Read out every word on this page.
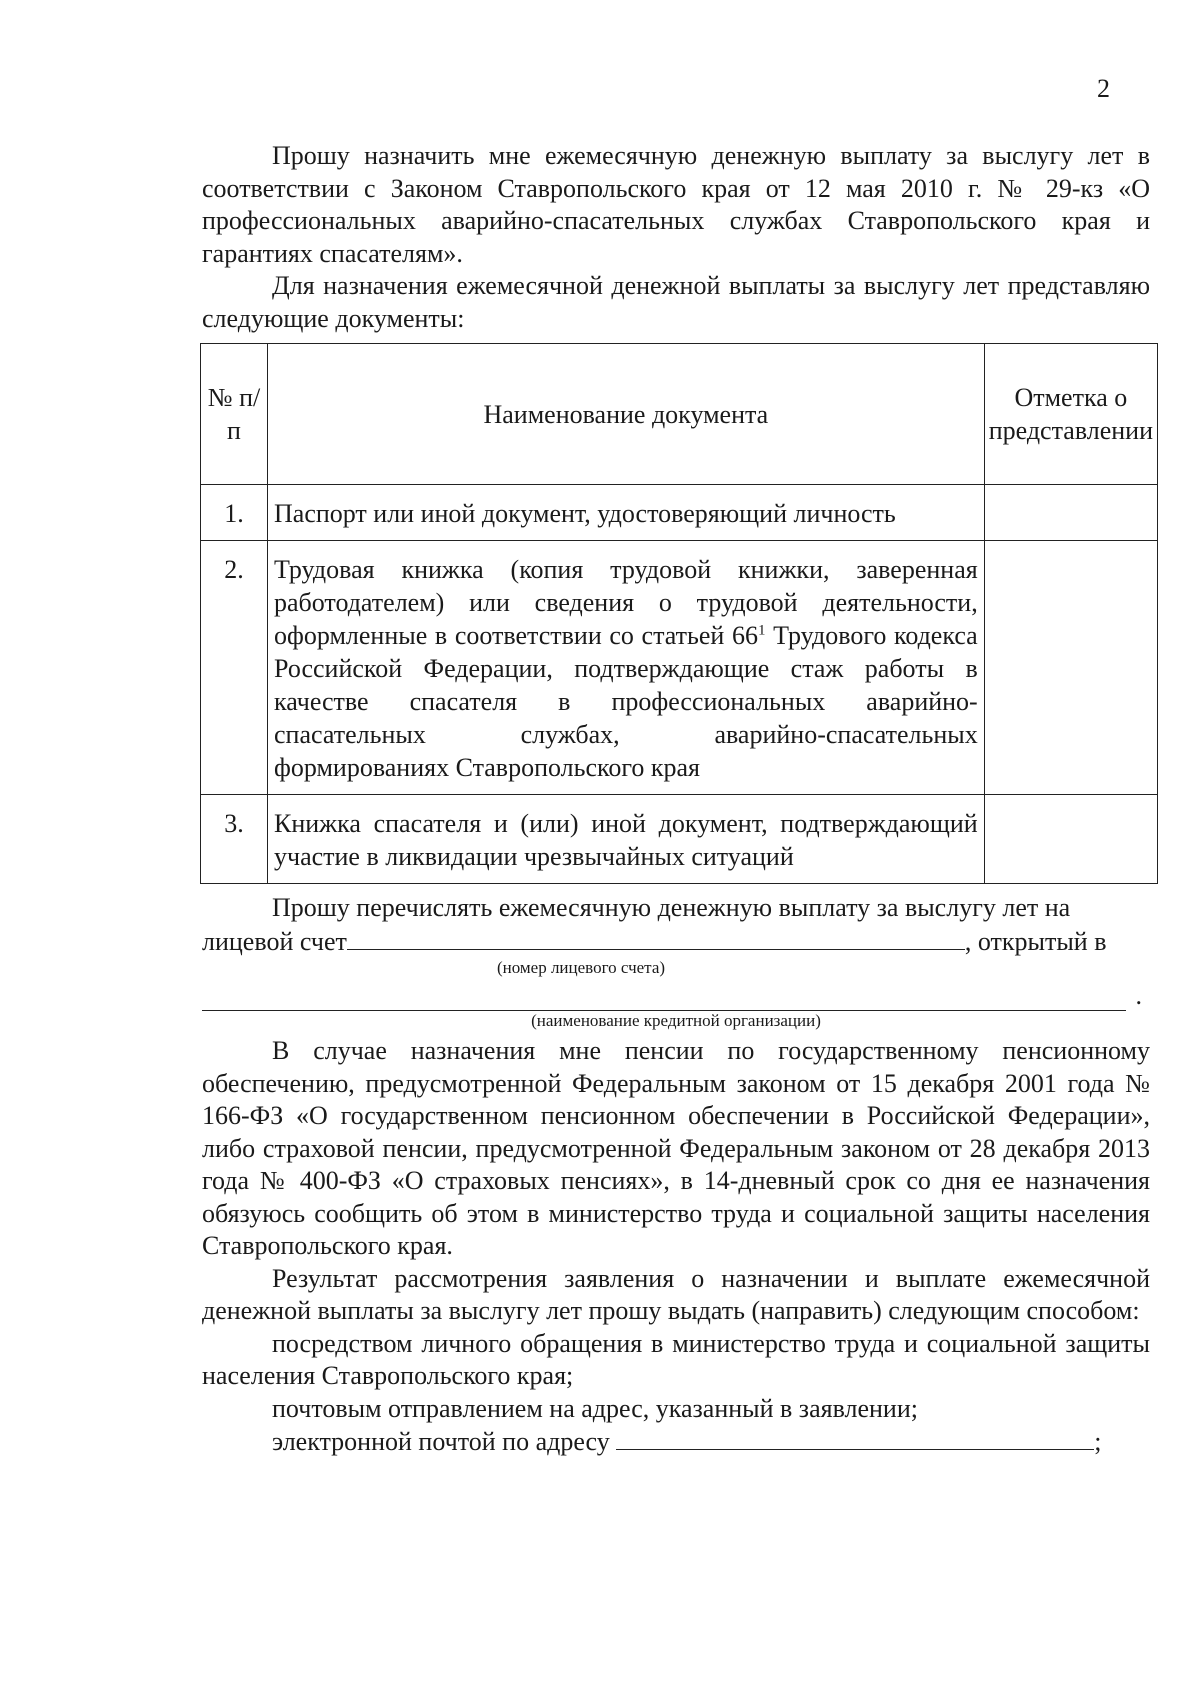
2

Прошу назначить мне ежемесячную денежную выплату за выслугу лет в соответствии с Законом Ставропольского края от 12 мая 2010 г. № 29-кз «О профессиональных аварийно-спасательных службах Ставропольского края и гарантиях спасателям».

Для назначения ежемесячной денежной выплаты за выслугу лет представляю следующие документы:

№ п/п	Наименование документа	Отметка о представлении
1.	Паспорт или иной документ, удостоверяющий личность	
2.	Трудовая книжка (копия трудовой книжки, заверенная работодателем) или сведения о трудовой деятельности, оформленные в соответствии со статьей $66^1$ Трудового кодекса Российской Федерации, подтверждающие стаж работы в качестве спасателя в профессиональных аварийно-спасательных службах, аварийно-спасательных формированиях Ставропольского края	
3.	Книжка спасателя и (или) иной документ, подтверждающий участие в ликвидации чрезвычайных ситуаций	

Прошу перечислять ежемесячную денежную выплату за выслугу лет на

лицевой счет	, открытый в

(номер лицевого счета)

.

(наименование кредитной организации)

В случае назначения мне пенсии по государственному пенсионному обеспечению, предусмотренной Федеральным законом от 15 декабря 2001 года № 166-ФЗ «О государственном пенсионном обеспечении в Российской Федерации», либо страховой пенсии, предусмотренной Федеральным законом от 28 декабря 2013 года № 400-ФЗ «О страховых пенсиях», в 14-дневный срок со дня ее назначения обязуюсь сообщить об этом в министерство труда и социальной защиты населения Ставропольского края.

Результат рассмотрения заявления о назначении и выплате ежемесячной денежной выплаты за выслугу лет прошу выдать (направить) следующим способом:

посредством личного обращения в министерство труда и социальной защиты населения Ставропольского края;

почтовым отправлением на адрес, указанный в заявлении;

электронной почтой по адресу	;
